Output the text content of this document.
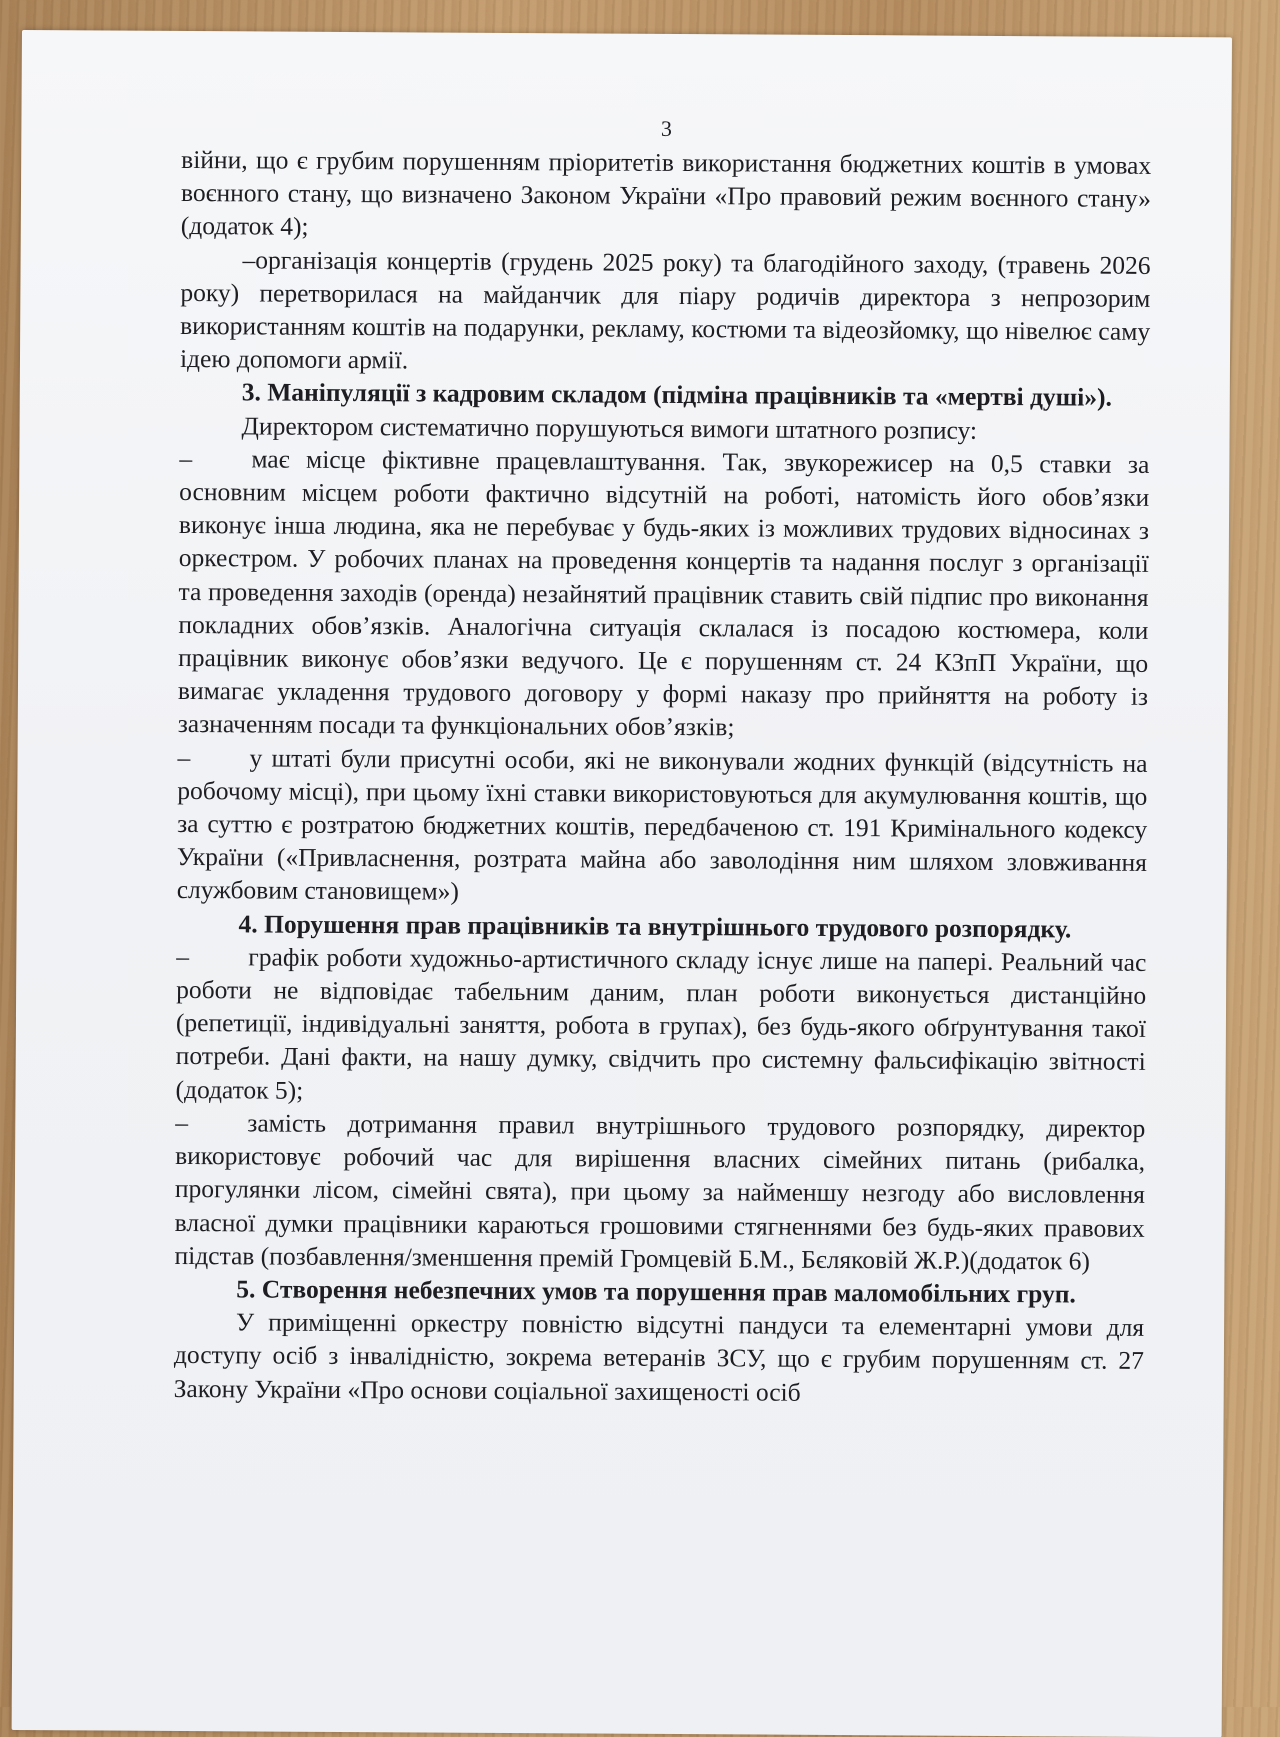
3

війни, що є грубим порушенням пріоритетів використання бюджетних коштів в умовах воєнного стану, що визначено Законом України «Про правовий режим воєнного стану» (додаток 4);

–організація концертів (грудень 2025 року) та благодійного заходу, (травень 2026 року) перетворилася на майданчик для піару родичів директора з непрозорим використанням коштів на подарунки, рекламу, костюми та відеозйомку, що нівелює саму ідею допомоги армії.

3. Маніпуляції з кадровим складом (підміна працівників та «мертві душі»).

Директором систематично порушуються вимоги штатного розпису:

– має місце фіктивне працевлаштування. Так, звукорежисер на 0,5 ставки за основним місцем роботи фактично відсутній на роботі, натомість його обов’язки виконує інша людина, яка не перебуває у будь-яких із можливих трудових відносинах з оркестром. У робочих планах на проведення концертів та надання послуг з організації та проведення заходів (оренда) незайнятий працівник ставить свій підпис про виконання покладних обов’язків. Аналогічна ситуація склалася із посадою костюмера, коли працівник виконує обов’язки ведучого. Це є порушенням ст. 24 КЗпП України, що вимагає укладення трудового договору у формі наказу про прийняття на роботу із зазначенням посади та функціональних обов’язків;

– у штаті були присутні особи, які не виконували жодних функцій (відсутність на робочому місці), при цьому їхні ставки використовуються для акумулювання коштів, що за суттю є розтратою бюджетних коштів, передбаченою ст. 191 Кримінального кодексу України («Привласнення, розтрата майна або заволодіння ним шляхом зловживання службовим становищем»)

4. Порушення прав працівників та внутрішнього трудового розпорядку.

– графік роботи художньо-артистичного складу існує лише на папері. Реальний час роботи не відповідає табельним даним, план роботи виконується дистанційно (репетиції, індивідуальні заняття, робота в групах), без будь-якого обґрунтування такої потреби. Дані факти, на нашу думку, свідчить про системну фальсифікацію звітності (додаток 5);

– замість дотримання правил внутрішнього трудового розпорядку, директор використовує робочий час для вирішення власних сімейних питань (рибалка, прогулянки лісом, сімейні свята), при цьому за найменшу незгоду або висловлення власної думки працівники караються грошовими стягненнями без будь-яких правових підстав (позбавлення/зменшення премій Громцевій Б.М., Бєляковій Ж.Р.)(додаток 6)

5. Створення небезпечних умов та порушення прав маломобільних груп.

У приміщенні оркестру повністю відсутні пандуси та елементарні умови для доступу осіб з інвалідністю, зокрема ветеранів ЗСУ, що є грубим порушенням ст. 27 Закону України «Про основи соціальної захищеності осіб
